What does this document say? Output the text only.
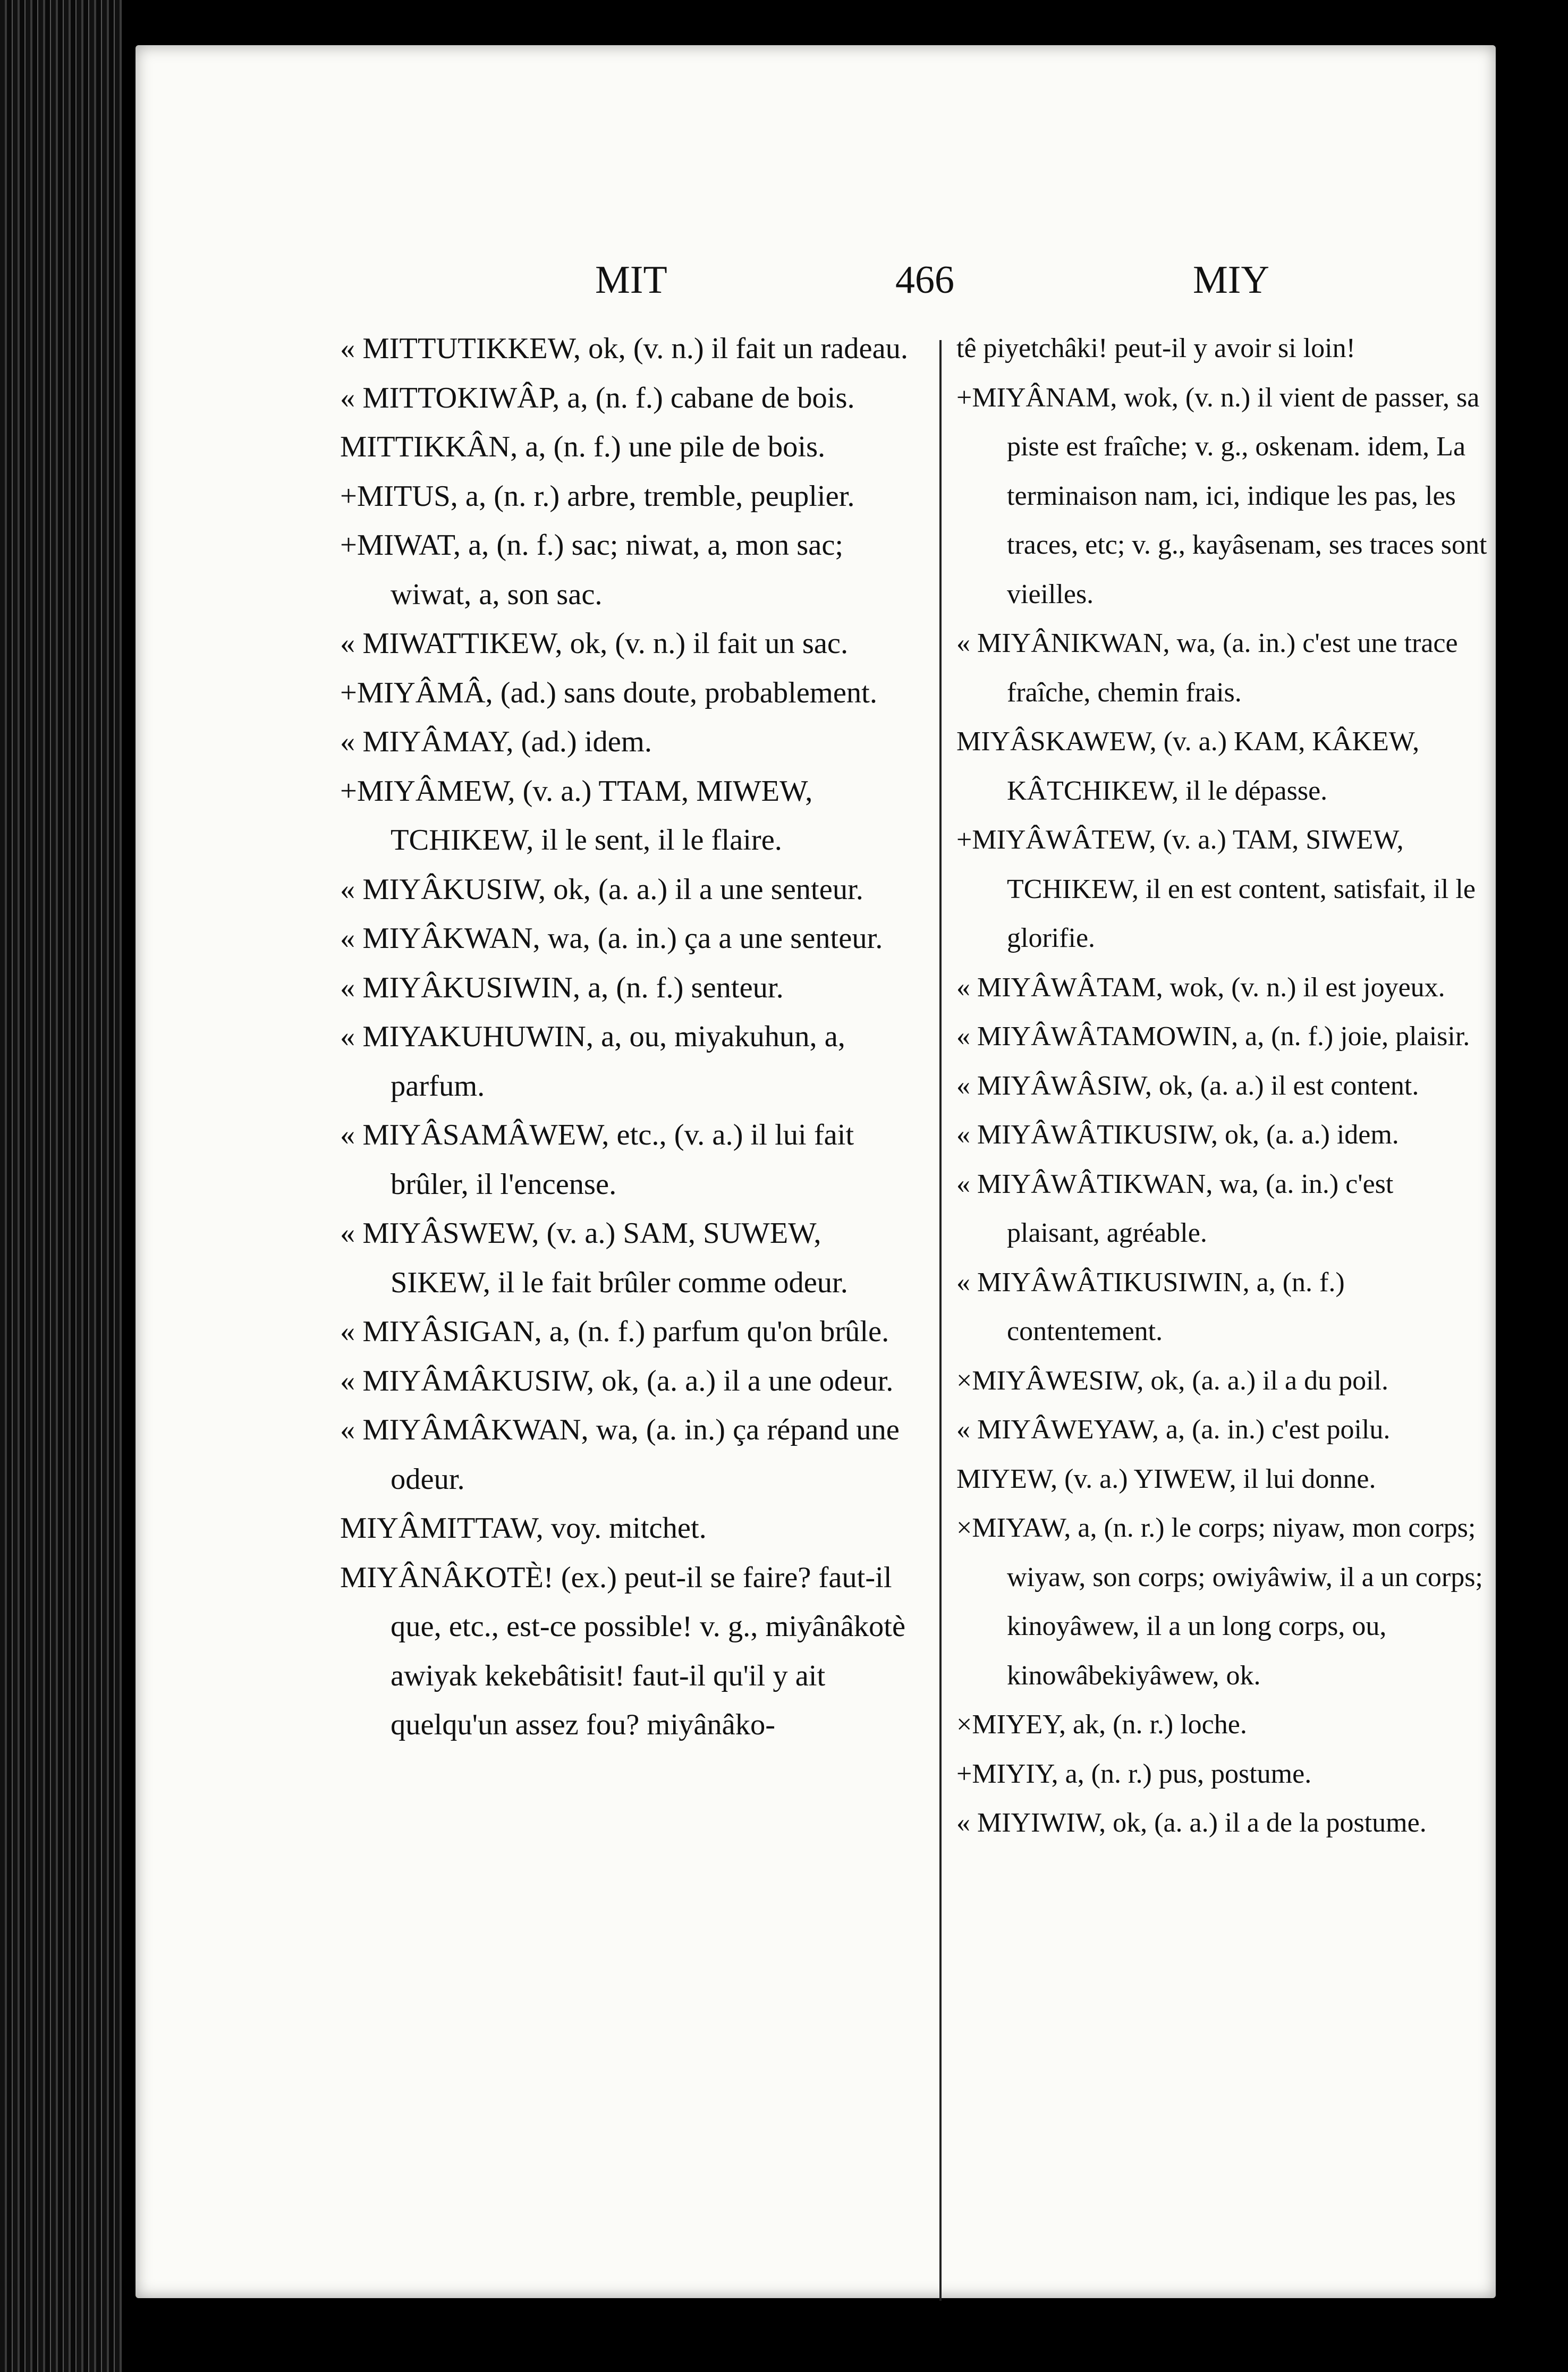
MIT	466	MIY

« MITTUTIKKEW, ok, (v. n.) il fait un radeau.

« MITTOKIWÂP, a, (n. f.) cabane de bois.

MITTIKKÂN, a, (n. f.) une pile de bois.

+MITUS, a, (n. r.) arbre, tremble, peuplier.

+MIWAT, a, (n. f.) sac; niwat, a, mon sac; wiwat, a, son sac.

« MIWATTIKEW, ok, (v. n.) il fait un sac.

+MIYÂMÂ, (ad.) sans doute, probablement.

« MIYÂMAY, (ad.) idem.

+MIYÂMEW, (v. a.) TTAM, MIWEW, TCHIKEW, il le sent, il le flaire.

« MIYÂKUSIW, ok, (a. a.) il a une senteur.

« MIYÂKWAN, wa, (a. in.) ça a une senteur.

« MIYÂKUSIWIN, a, (n. f.) senteur.

« MIYAKUHUWIN, a, ou, miyakuhun, a, parfum.

« MIYÂSAMÂWEW, etc., (v. a.) il lui fait brûler, il l'encense.

« MIYÂSWEW, (v. a.) SAM, SUWEW, SIKEW, il le fait brûler comme odeur.

« MIYÂSIGAN, a, (n. f.) parfum qu'on brûle.

« MIYÂMÂKUSIW, ok, (a. a.) il a une odeur.

« MIYÂMÂKWAN, wa, (a. in.) ça répand une odeur.

MIYÂMITTAW, voy. mitchet.

MIYÂNÂKOTÈ! (ex.) peut-il se faire? faut-il que, etc., est-ce possible! v. g., miyânâkotè awiyak kekebâtisit! faut-il qu'il y ait quelqu'un assez fou? miyânâko-

tê piyetchâki! peut-il y avoir si loin!

+MIYÂNAM, wok, (v. n.) il vient de passer, sa piste est fraîche; v. g., oskenam. idem, La terminaison nam, ici, indique les pas, les traces, etc; v. g., kayâsenam, ses traces sont vieilles.

« MIYÂNIKWAN, wa, (a. in.) c'est une trace fraîche, chemin frais.

MIYÂSKAWEW, (v. a.) KAM, KÂKEW, KÂTCHIKEW, il le dépasse.

+MIYÂWÂTEW, (v. a.) TAM, SIWEW, TCHIKEW, il en est content, satisfait, il le glorifie.

« MIYÂWÂTAM, wok, (v. n.) il est joyeux.

« MIYÂWÂTAMOWIN, a, (n. f.) joie, plaisir.

« MIYÂWÂSIW, ok, (a. a.) il est content.

« MIYÂWÂTIKUSIW, ok, (a. a.) idem.

« MIYÂWÂTIKWAN, wa, (a. in.) c'est plaisant, agréable.

« MIYÂWÂTIKUSIWIN, a, (n. f.) contentement.

×MIYÂWESIW, ok, (a. a.) il a du poil.

« MIYÂWEYAW, a, (a. in.) c'est poilu.

MIYEW, (v. a.) YIWEW, il lui donne.

×MIYAW, a, (n. r.) le corps; niyaw, mon corps; wiyaw, son corps; owiyâwiw, il a un corps; kinoyâwew, il a un long corps, ou, kinowâbekiyâwew, ok.

×MIYEY, ak, (n. r.) loche.

+MIYIY, a, (n. r.) pus, postume.

« MIYIWIW, ok, (a. a.) il a de la postume.
